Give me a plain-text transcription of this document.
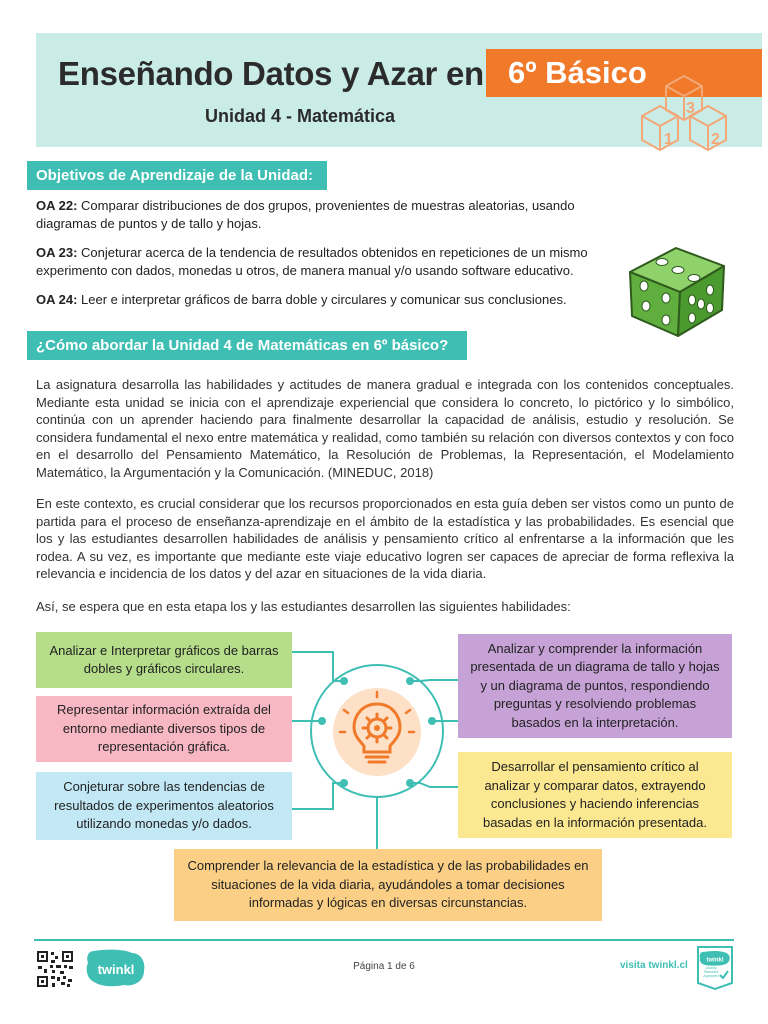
Enseñando Datos y Azar en 6º Básico
Unidad 4 - Matemática	3
1 2
Objetivos de Aprendizaje de la Unidad:
OA 22: Comparar distribuciones de dos grupos, provenientes de muestras aleatorias, usando diagramas de puntos y de tallo y hojas.
OA 23: Conjeturar acerca de la tendencia de resultados obtenidos en repeticiones de un mismo experimento con dados, monedas u otros, de manera manual y/o usando software educativo.
OA 24: Leer e interpretar gráficos de barra doble y circulares y comunicar sus conclusiones.
¿Cómo abordar la Unidad 4 de Matemáticas en 6º básico?
La asignatura desarrolla las habilidades y actitudes de manera gradual e integrada con los contenidos conceptuales. Mediante esta unidad se inicia con el aprendizaje experiencial que considera lo concreto, lo pictórico y lo simbólico, continúa con un aprender haciendo para finalmente desarrollar la capacidad de análisis, estudio y resolución. Se considera fundamental el nexo entre matemática y realidad, como también su relación con diversos contextos y con foco en el desarrollo del Pensamiento Matemático, la Resolución de Problemas, la Representación, el Modelamiento Matemático, la Argumentación y la Comunicación. (MINEDUC, 2018)
En este contexto, es crucial considerar que los recursos proporcionados en esta guía deben ser vistos como un punto de partida para el proceso de enseñanza-aprendizaje en el ámbito de la estadística y las probabilidades. Es esencial que los y las estudiantes desarrollen habilidades de análisis y pensamiento crítico al enfrentarse a la información que les rodea. A su vez, es importante que mediante este viaje educativo logren ser capaces de apreciar de forma reflexiva la relevancia e incidencia de los datos y del azar en situaciones de la vida diaria.
Así, se espera que en esta etapa los y las estudiantes desarrollen las siguientes habilidades:
Analizar e Interpretar gráficos de barras dobles y gráficos circulares.
Representar información extraída del entorno mediante diversos tipos de representación gráfica.
Conjeturar sobre las tendencias de resultados de experimentos aleatorios utilizando monedas y/o dados.
Analizar y comprender la información presentada de un diagrama de tallo y hojas y un diagrama de puntos, respondiendo preguntas y resolviendo problemas basados en la interpretación.
Desarrollar el pensamiento crítico al analizar y comparar datos, extrayendo conclusiones y haciendo inferencias basadas en la información presentada.
Comprender la relevancia de la estadística y de las probabilidades en situaciones de la vida diaria, ayudándoles a tomar decisiones informadas y lógicas en diversas circunstancias.
twinkl	Página 1 de 6	visita twinkl.cl	twinkl
Quality Standard Approved
